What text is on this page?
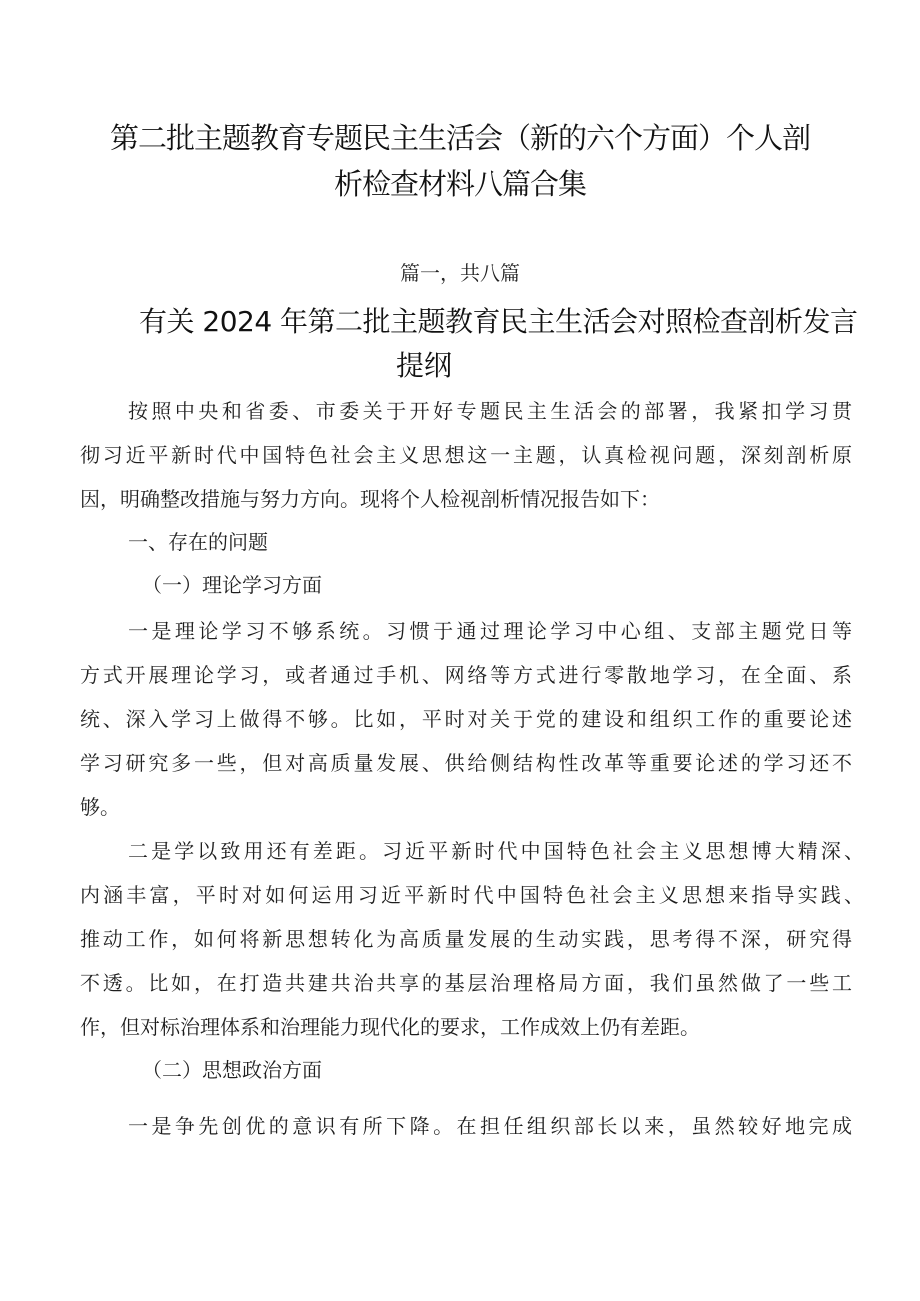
第二批主题教育专题民主生活会（新的六个方面）个人剖
析检查材料八篇合集
篇一，共八篇
有关 2024 年第二批主题教育民主生活会对照检查剖析发言
提纲
按照中央和省委、市委关于开好专题民主生活会的部署，我紧扣学习贯
彻习近平新时代中国特色社会主义思想这一主题，认真检视问题，深刻剖析原
因，明确整改措施与努力方向。现将个人检视剖析情况报告如下：
一、存在的问题
（一）理论学习方面
一是理论学习不够系统。习惯于通过理论学习中心组、支部主题党日等
方式开展理论学习，或者通过手机、网络等方式进行零散地学习，在全面、系
统、深入学习上做得不够。比如，平时对关于党的建设和组织工作的重要论述
学习研究多一些，但对高质量发展、供给侧结构性改革等重要论述的学习还不
够。
二是学以致用还有差距。习近平新时代中国特色社会主义思想博大精深、
内涵丰富，平时对如何运用习近平新时代中国特色社会主义思想来指导实践、
推动工作，如何将新思想转化为高质量发展的生动实践，思考得不深，研究得
不透。比如，在打造共建共治共享的基层治理格局方面，我们虽然做了一些工
作，但对标治理体系和治理能力现代化的要求，工作成效上仍有差距。
（二）思想政治方面
一是争先创优的意识有所下降。在担任组织部长以来，虽然较好地完成
